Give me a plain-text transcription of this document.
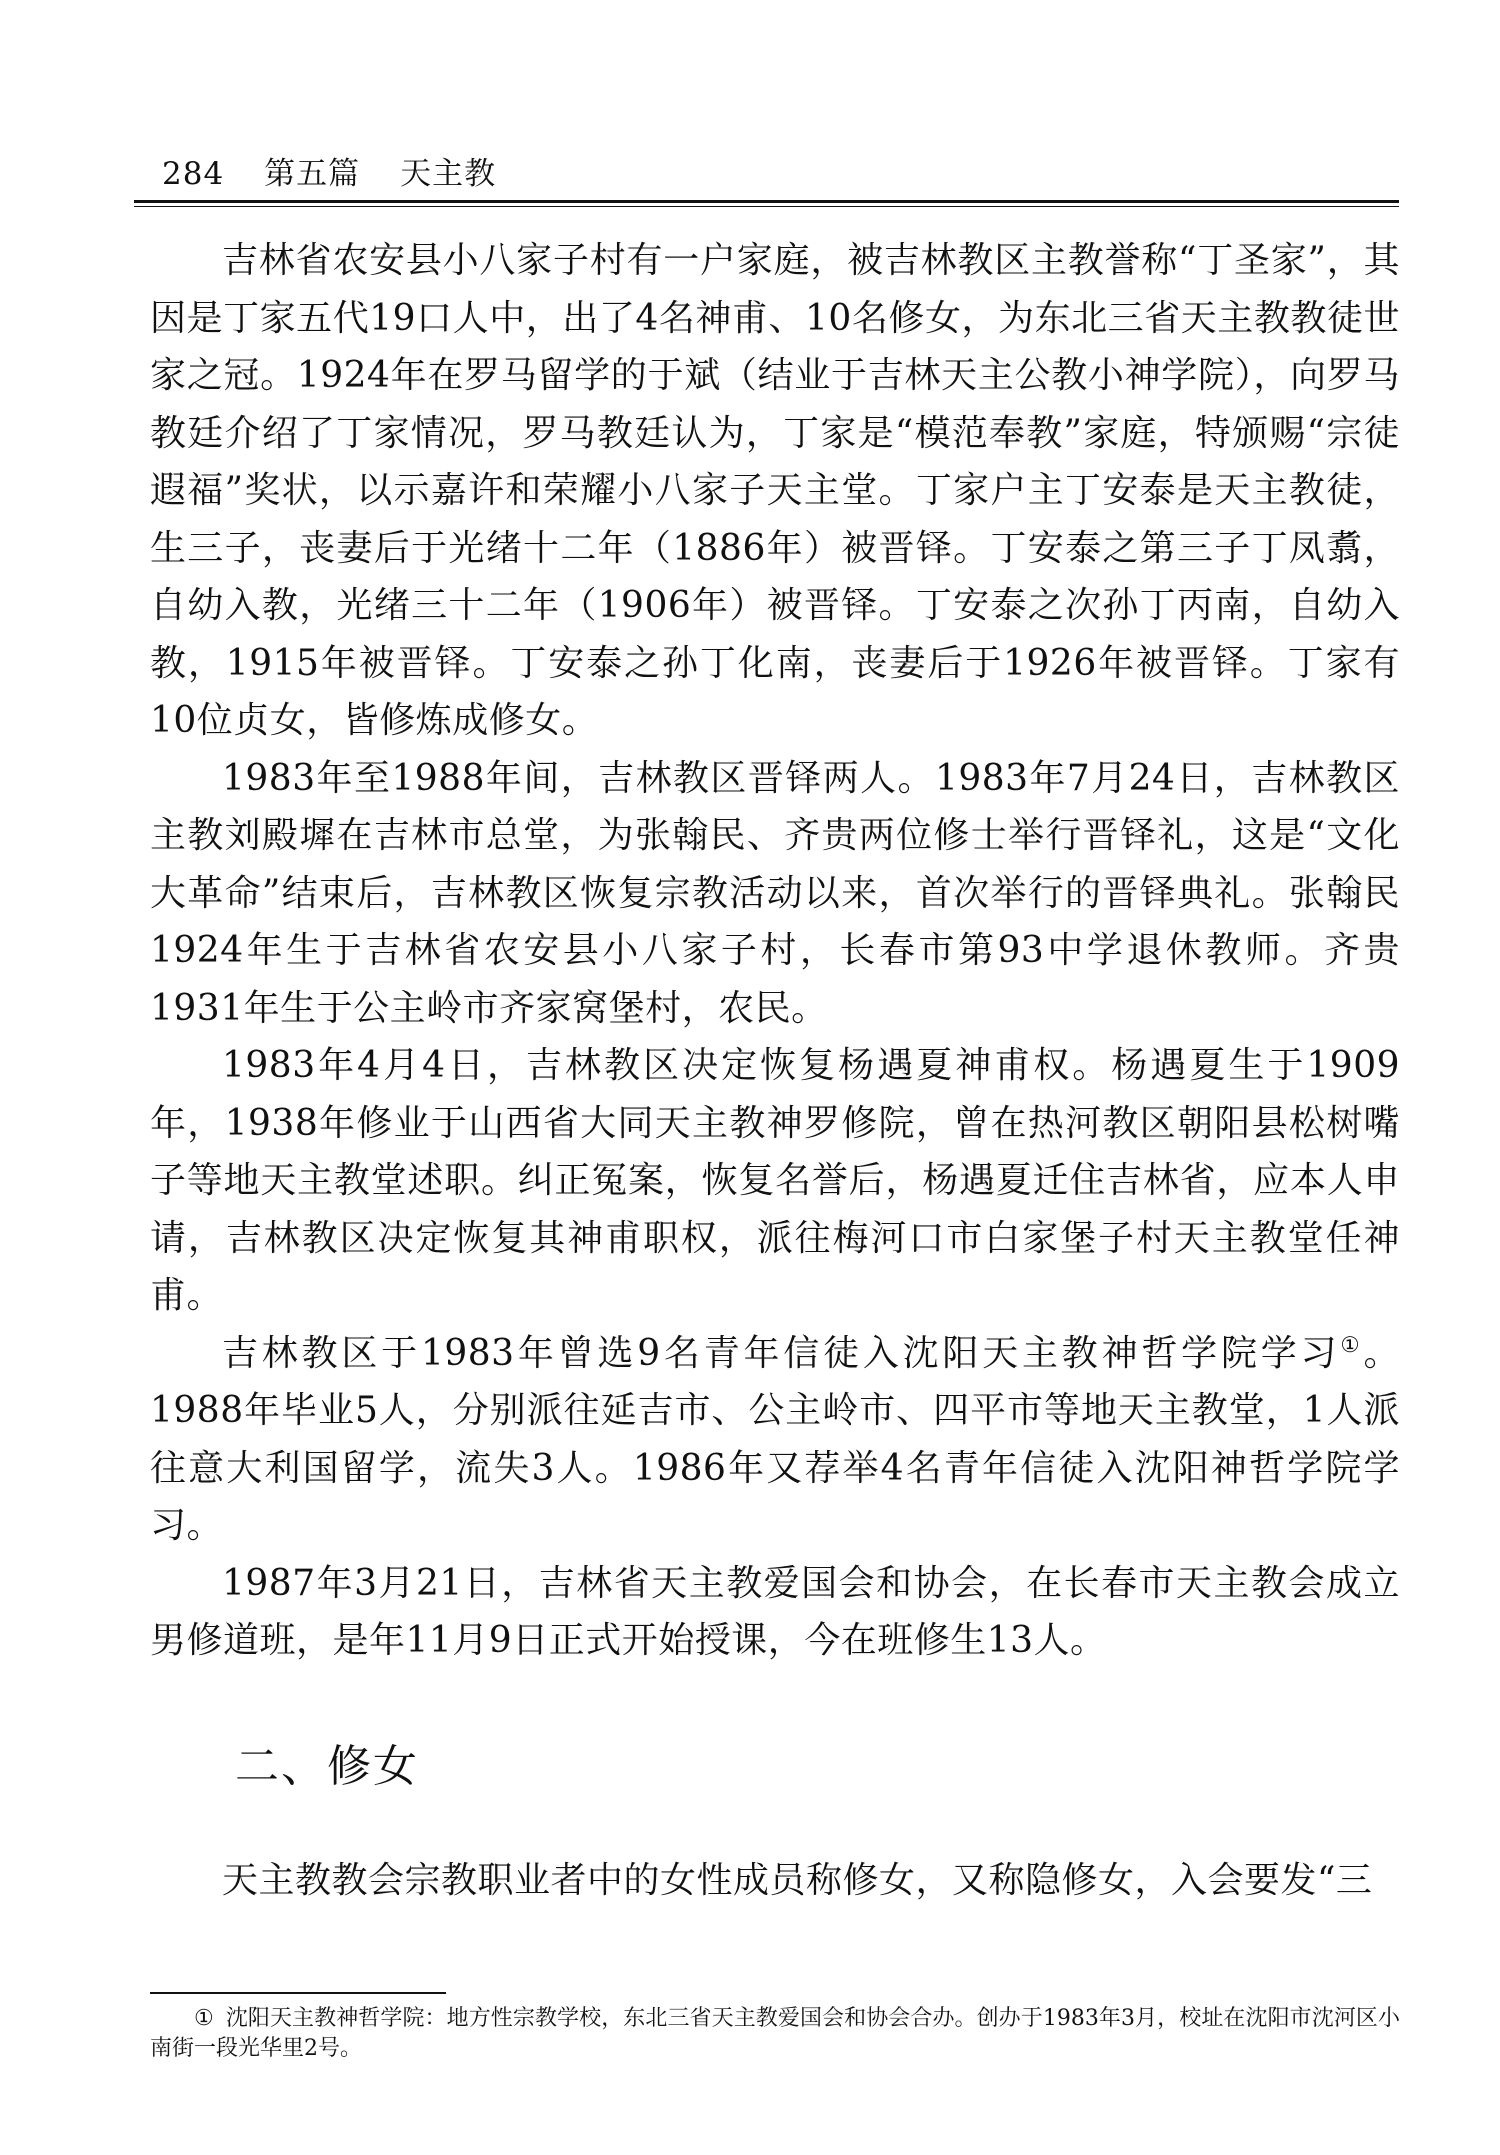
284 第五篇 天主教

吉林省农安县小八家子村有一户家庭，被吉林教区主教誉称“丁圣家”，其因是丁家五代19口人中，出了4名神甫、10名修女，为东北三省天主教教徒世家之冠。1924年在罗马留学的于斌（结业于吉林天主公教小神学院），向罗马教廷介绍了丁家情况，罗马教廷认为，丁家是“模范奉教”家庭，特颁赐“宗徒遐福”奖状，以示嘉许和荣耀小八家子天主堂。丁家户主丁安泰是天主教徒，生三子，丧妻后于光绪十二年（1886年）被晋铎。丁安泰之第三子丁凤翥，自幼入教，光绪三十二年（1906年）被晋铎。丁安泰之次孙丁丙南，自幼入教，1915年被晋铎。丁安泰之孙丁化南，丧妻后于1926年被晋铎。丁家有10位贞女，皆修炼成修女。

1983年至1988年间，吉林教区晋铎两人。1983年7月24日，吉林教区主教刘殿墀在吉林市总堂，为张翰民、齐贵两位修士举行晋铎礼，这是“文化大革命”结束后，吉林教区恢复宗教活动以来，首次举行的晋铎典礼。张翰民1924年生于吉林省农安县小八家子村，长春市第93中学退休教师。齐贵1931年生于公主岭市齐家窝堡村，农民。

1983年4月4日，吉林教区决定恢复杨遇夏神甫权。杨遇夏生于1909年，1938年修业于山西省大同天主教神罗修院，曾在热河教区朝阳县松树嘴子等地天主教堂述职。纠正冤案，恢复名誉后，杨遇夏迁住吉林省，应本人申请，吉林教区决定恢复其神甫职权，派往梅河口市白家堡子村天主教堂任神甫。

吉林教区于1983年曾选9名青年信徒入沈阳天主教神哲学院学习①。1988年毕业5人，分别派往延吉市、公主岭市、四平市等地天主教堂，1人派往意大利国留学，流失3人。1986年又荐举4名青年信徒入沈阳神哲学院学习。

1987年3月21日，吉林省天主教爱国会和协会，在长春市天主教会成立男修道班，是年11月9日正式开始授课，今在班修生13人。

二、修女

天主教教会宗教职业者中的女性成员称修女，又称隐修女，入会要发“三

① 沈阳天主教神哲学院：地方性宗教学校，东北三省天主教爱国会和协会合办。创办于1983年3月，校址在沈阳市沈河区小南街一段光华里2号。
